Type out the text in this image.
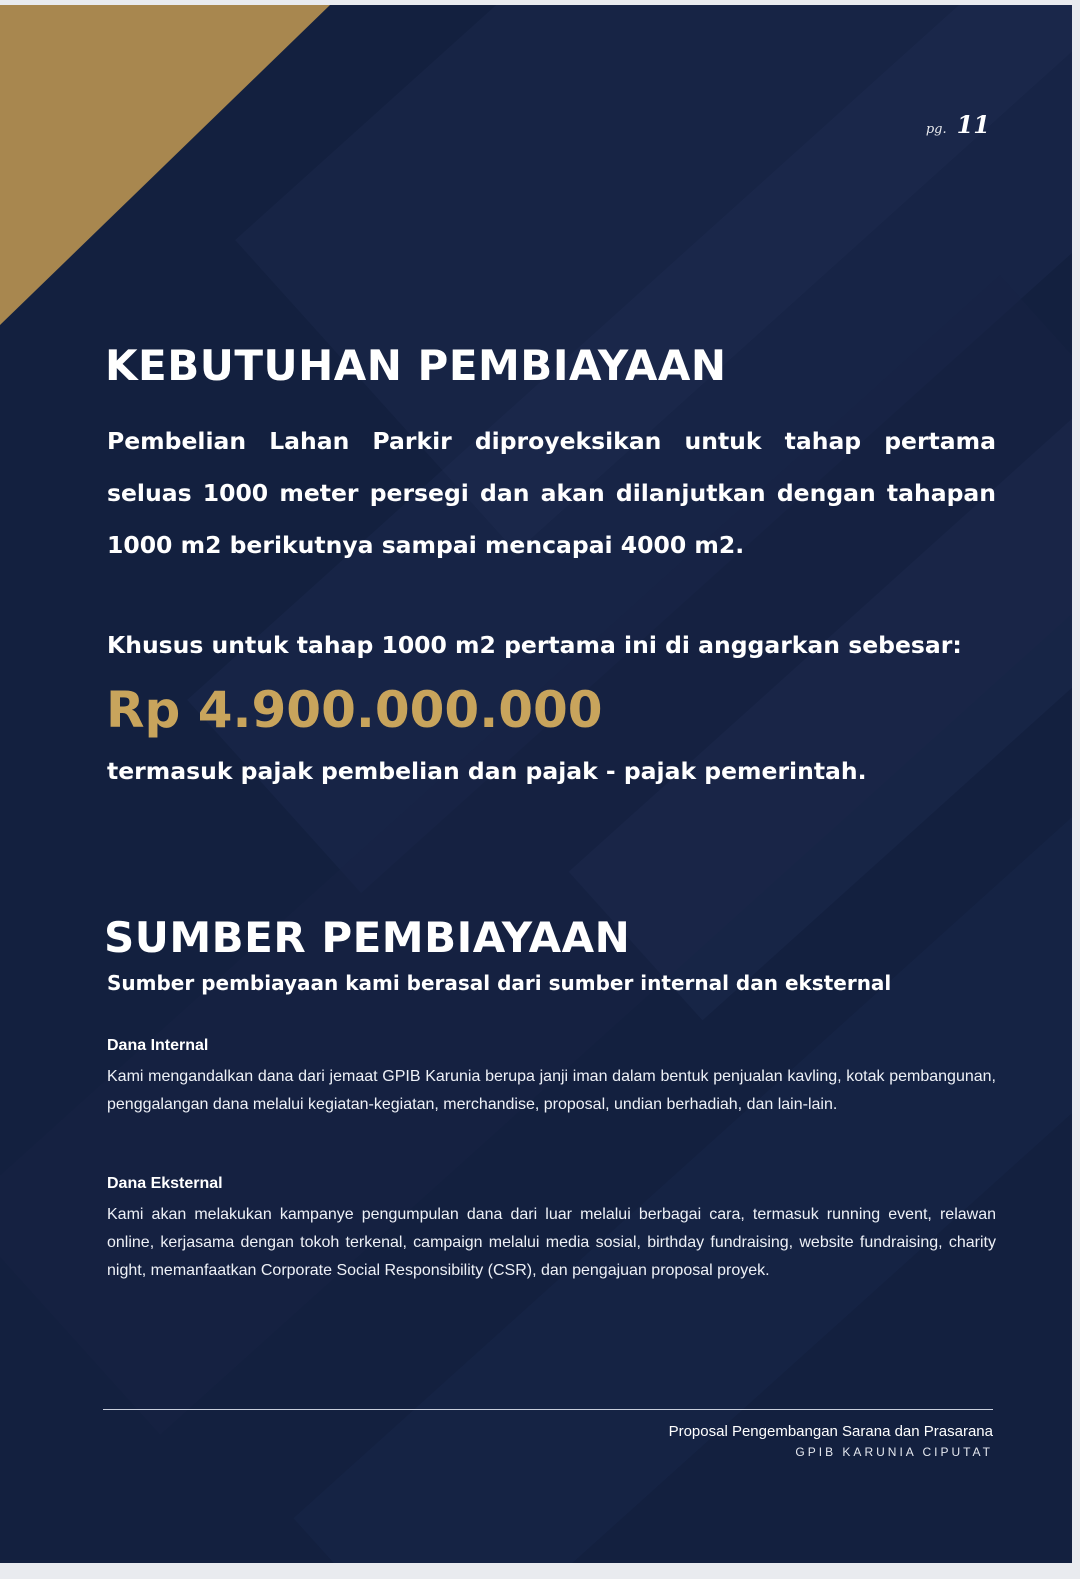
pg. 11
KEBUTUHAN PEMBIAYAAN
Pembelian Lahan Parkir diproyeksikan untuk tahap pertama seluas 1000 meter persegi dan akan dilanjutkan dengan tahapan 1000 m2 berikutnya sampai mencapai 4000 m2.
Khusus untuk tahap 1000 m2 pertama ini di anggarkan sebesar:
Rp 4.900.000.000
termasuk pajak pembelian dan pajak - pajak pemerintah.
SUMBER PEMBIAYAAN
Sumber pembiayaan kami berasal dari sumber internal dan eksternal
Dana Internal
Kami mengandalkan dana dari jemaat GPIB Karunia berupa janji iman dalam bentuk penjualan kavling, kotak pembangunan, penggalangan dana melalui kegiatan-kegiatan, merchandise, proposal, undian berhadiah, dan lain-lain.
Dana Eksternal
Kami akan melakukan kampanye pengumpulan dana dari luar melalui berbagai cara, termasuk running event, relawan online, kerjasama dengan tokoh terkenal, campaign melalui media sosial, birthday fundraising, website fundraising, charity night, memanfaatkan Corporate Social Responsibility (CSR), dan pengajuan proposal proyek.
Proposal Pengembangan Sarana dan Prasarana
GPIB KARUNIA CIPUTAT
